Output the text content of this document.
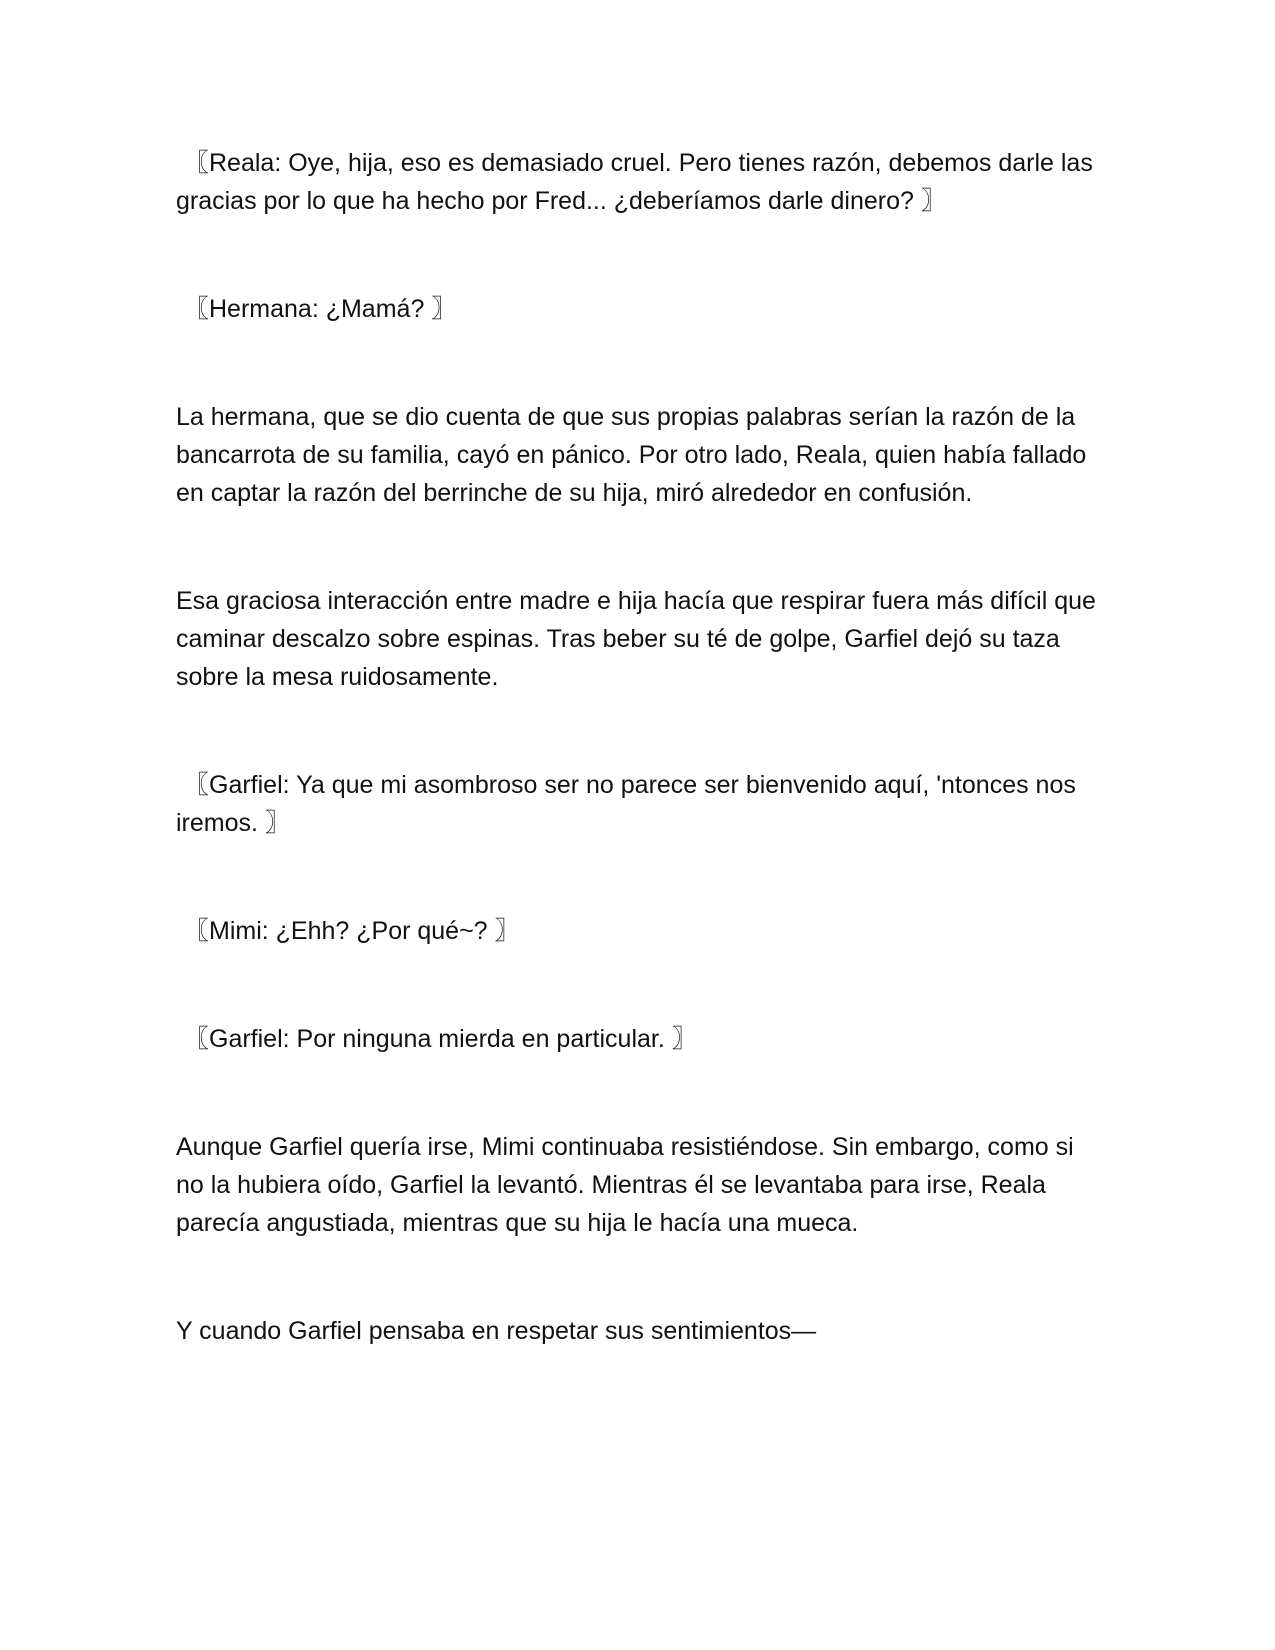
〖Reala: Oye, hija, eso es demasiado cruel. Pero tienes razón, debemos darle las gracias por lo que ha hecho por Fred... ¿deberíamos darle dinero? 〗

〖Hermana: ¿Mamá? 〗

La hermana, que se dio cuenta de que sus propias palabras serían la razón de la bancarrota de su familia, cayó en pánico. Por otro lado, Reala, quien había fallado en captar la razón del berrinche de su hija, miró alrededor en confusión.

Esa graciosa interacción entre madre e hija hacía que respirar fuera más difícil que caminar descalzo sobre espinas. Tras beber su té de golpe, Garfiel dejó su taza sobre la mesa ruidosamente.

〖Garfiel: Ya que mi asombroso ser no parece ser bienvenido aquí, 'ntonces nos iremos. 〗

〖Mimi: ¿Ehh? ¿Por qué~? 〗

〖Garfiel: Por ninguna mierda en particular. 〗

Aunque Garfiel quería irse, Mimi continuaba resistiéndose. Sin embargo, como si no la hubiera oído, Garfiel la levantó. Mientras él se levantaba para irse, Reala parecía angustiada, mientras que su hija le hacía una mueca.

Y cuando Garfiel pensaba en respetar sus sentimientos—
